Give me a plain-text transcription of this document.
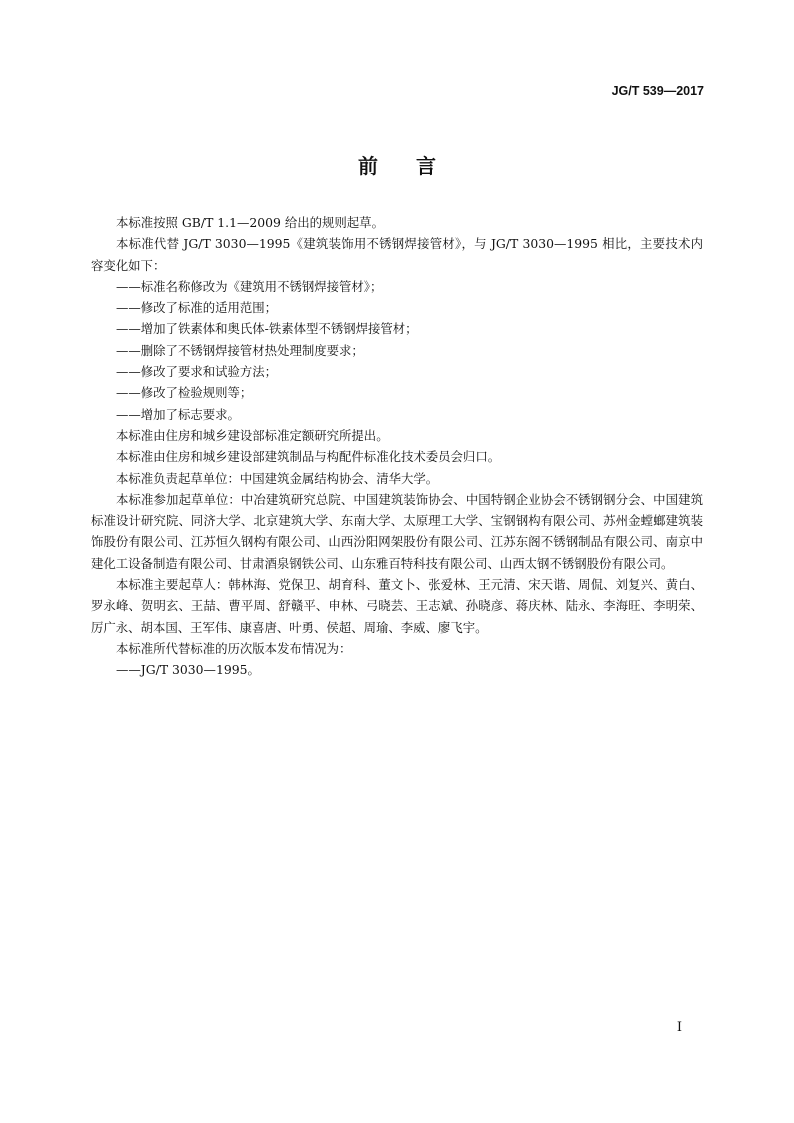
JG/T 539—2017
前言

本标准按照 GB/T 1.1—2009 给出的规则起草。

本标准代替 JG/T 3030—1995《建筑装饰用不锈钢焊接管材》，与 JG/T 3030—1995 相比，主要技术内容变化如下：

——标准名称修改为《建筑用不锈钢焊接管材》；

——修改了标准的适用范围；

——增加了铁素体和奥氏体-铁素体型不锈钢焊接管材；

——删除了不锈钢焊接管材热处理制度要求；

——修改了要求和试验方法；

——修改了检验规则等；

——增加了标志要求。

本标准由住房和城乡建设部标准定额研究所提出。

本标准由住房和城乡建设部建筑制品与构配件标准化技术委员会归口。

本标准负责起草单位：中国建筑金属结构协会、清华大学。

本标准参加起草单位：中冶建筑研究总院、中国建筑装饰协会、中国特钢企业协会不锈钢钢分会、中国建筑标准设计研究院、同济大学、北京建筑大学、东南大学、太原理工大学、宝钢钢构有限公司、苏州金螳螂建筑装饰股份有限公司、江苏恒久钢构有限公司、山西汾阳网架股份有限公司、江苏东阁不锈钢制品有限公司、南京中建化工设备制造有限公司、甘肃酒泉钢铁公司、山东雅百特科技有限公司、山西太钢不锈钢股份有限公司。

本标准主要起草人：韩林海、党保卫、胡育科、董文卜、张爱林、王元清、宋天谐、周侃、刘复兴、黄白、罗永峰、贺明玄、王喆、曹平周、舒赣平、申林、弓晓芸、王志斌、孙晓彦、蒋庆林、陆永、李海旺、李明荣、厉广永、胡本国、王军伟、康喜唐、叶勇、侯超、周瑜、李威、廖飞宇。

本标准所代替标准的历次版本发布情况为：

——JG/T 3030—1995。

I
